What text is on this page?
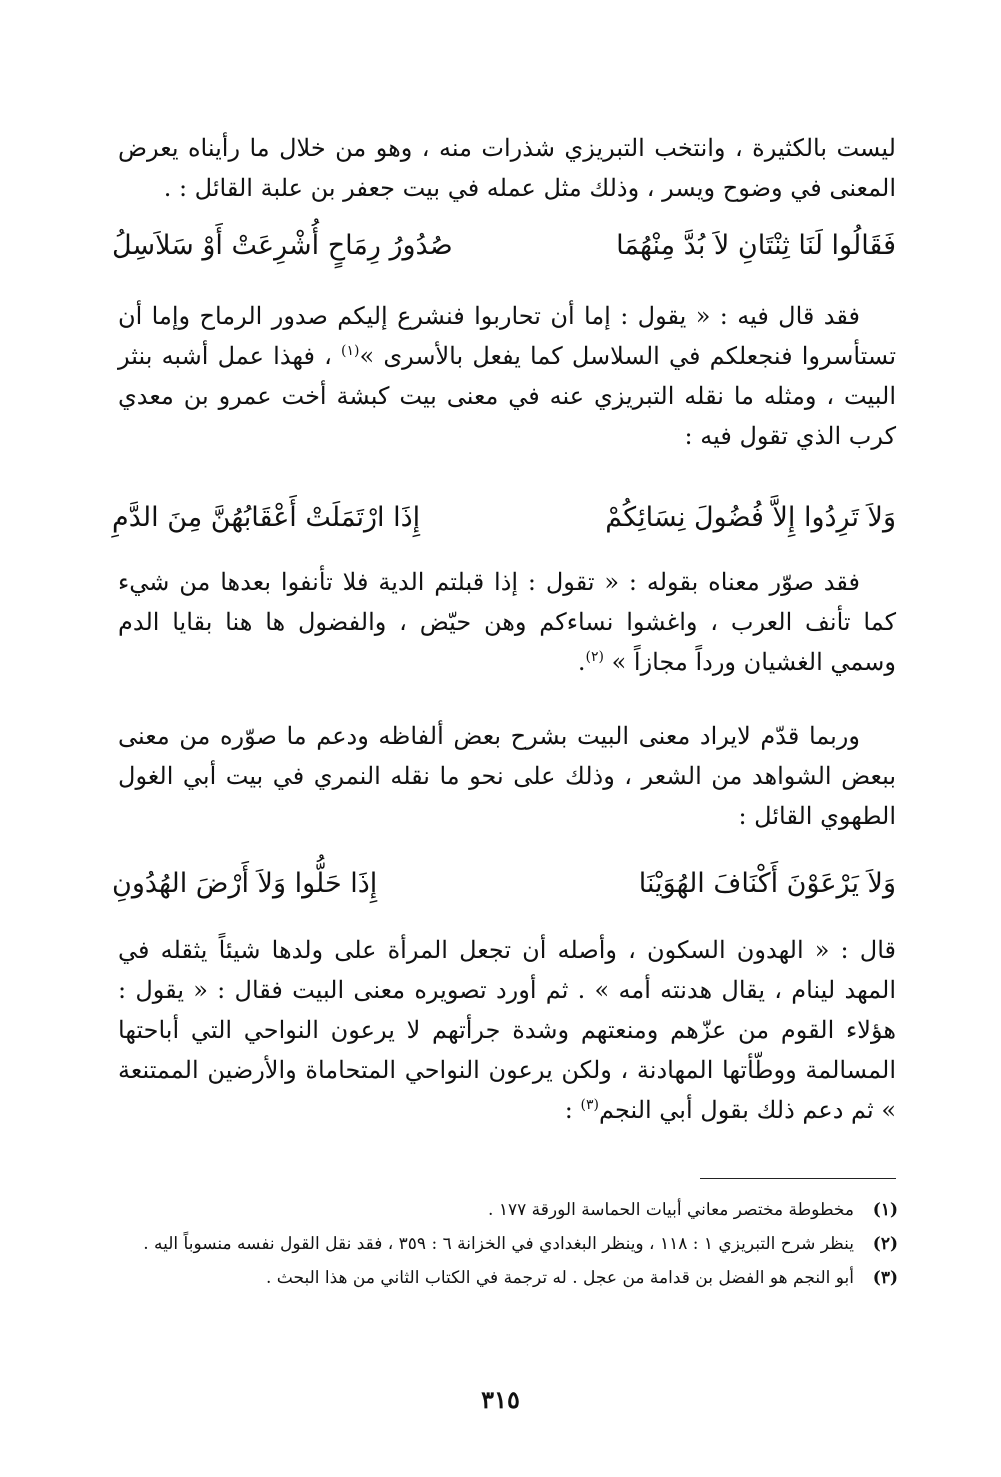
ليست بالكثيرة ، وانتخب التبريزي شذرات منه ، وهو من خلال ما رأيناه يعرض المعنى في وضوح ويسر ، وذلك مثل عمله في بيت جعفر بن علبة القائل : .

فَقَالُوا لَنَا ثِنْتَانِ لاَ بُدَّ مِنْهُمَا
صُدُورُ رِمَاحٍ أُشْرِعَتْ أَوْ سَلاَسِلُ

فقد قال فيه : « يقول : إما أن تحاربوا فنشرع إليكم صدور الرماح وإما أن تستأسروا فنجعلكم في السلاسل كما يفعل بالأسرى »$^{(١)}$ ، فهذا عمل أشبه بنثر البيت ، ومثله ما نقله التبريزي عنه في معنى بيت كبشة أخت عمرو بن معدي كرب الذي تقول فيه :

وَلاَ تَرِدُوا إِلاَّ فُضُولَ نِسَائِكُمْ
إِذَا ارْتَمَلَتْ أَعْقَابُهُنَّ مِنَ الدَّمِ

فقد صوّر معناه بقوله : « تقول : إذا قبلتم الدية فلا تأنفوا بعدها من شيء كما تأنف العرب ، واغشوا نساءكم وهن حيّض ، والفضول ها هنا بقايا الدم وسمي الغشيان ورداً مجازاً » $^{(٢)}$.

وربما قدّم لايراد معنى البيت بشرح بعض ألفاظه ودعم ما صوّره من معنى ببعض الشواهد من الشعر ، وذلك على نحو ما نقله النمري في بيت أبي الغول الطهوي القائل :

وَلاَ يَرْعَوْنَ أَكْنَافَ الهُوَيْنَا
إِذَا حَلُّوا وَلاَ أَرْضَ الهُدُونِ

قال : « الهدون السكون ، وأصله أن تجعل المرأة على ولدها شيئاً يثقله في المهد لينام ، يقال هدنته أمه » . ثم أورد تصويره معنى البيت فقال : « يقول : هؤلاء القوم من عزّهم ومنعتهم وشدة جرأتهم لا يرعون النواحي التي أباحتها المسالمة ووطّأتها المهادنة ، ولكن يرعون النواحي المتحاماة والأرضين الممتنعة » ثم دعم ذلك بقول أبي النجم$^{(٣)}$ :

(١)
مخطوطة مختصر معاني أبيات الحماسة الورقة ١٧٧ .

(٢)
ينظر شرح التبريزي ١ : ١١٨ ، وينظر البغدادي في الخزانة ٦ : ٣٥٩ ، فقد نقل القول نفسه منسوباً اليه .

(٣)
أبو النجم هو الفضل بن قدامة من عجل . له ترجمة في الكتاب الثاني من هذا البحث .

٣١٥
